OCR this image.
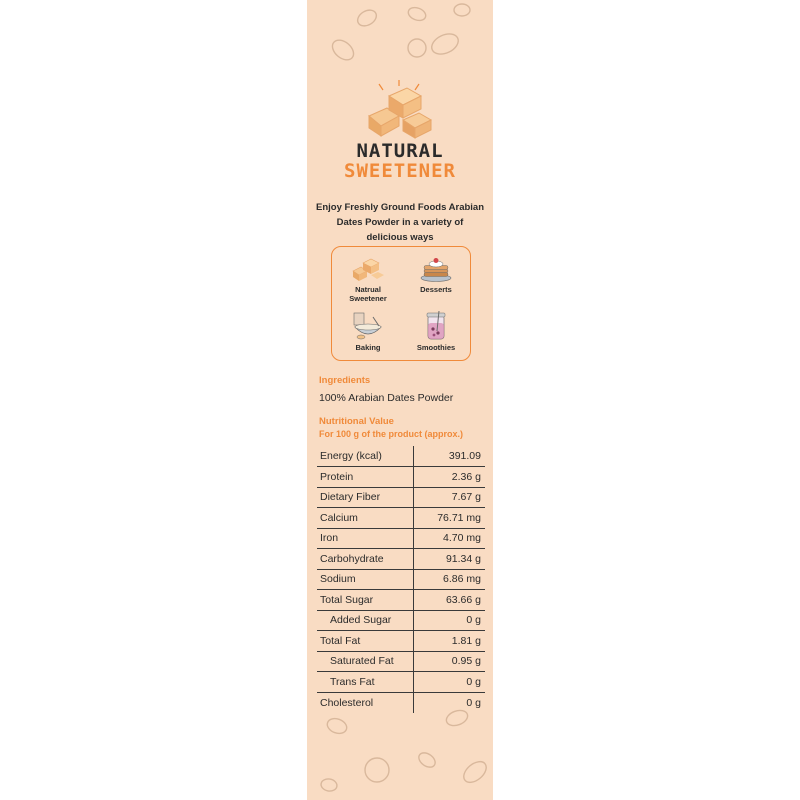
NATURAL
SWEETENER
Enjoy Freshly Ground Foods Arabian Dates Powder in a variety of delicious ways
Natrual Sweetener
Desserts
Baking	Smoothies
Ingredients
100% Arabian Dates Powder
Nutritional Value
For 100 g of the product (approx.)
Energy (kcal)	391.09
Protein	2.36 g
Dietary Fiber	7.67 g
Calcium	76.71 mg
Iron	4.70 mg
Carbohydrate	91.34 g
Sodium	6.86 mg
Total Sugar	63.66 g
Added Sugar	0 g
Total Fat	1.81 g
Saturated Fat	0.95 g
Trans Fat	0 g
Cholesterol	0 g
